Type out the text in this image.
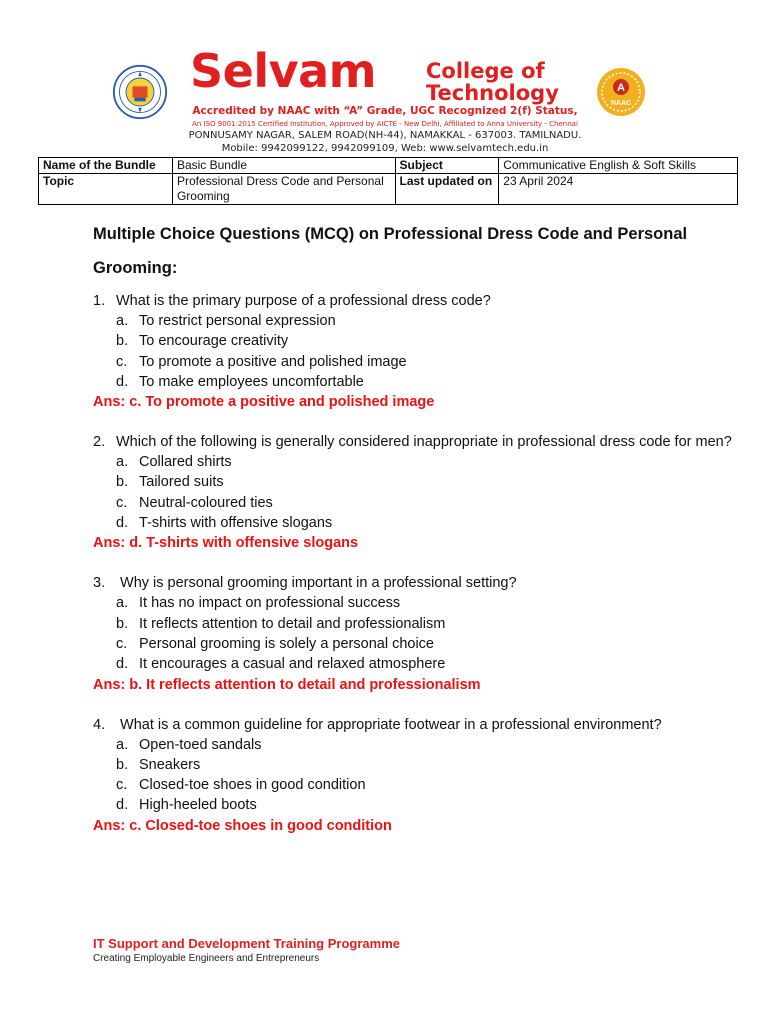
Selvam College of Technology	A
NAAC
Accredited by NAAC with “A” Grade, UGC Recognized 2(f) Status,
An ISO 9001:2015 Certified Institution, Approved by AICTE - New Delhi, Affiliated to Anna University - Chennai
PONNUSAMY NAGAR, SALEM ROAD(NH-44), NAMAKKAL - 637003. TAMILNADU.
Mobile: 9942099122, 9942099109, Web: www.selvamtech.edu.in
Name of the Bundle	Basic Bundle	Subject	Communicative English & Soft Skills
Topic	Professional Dress Code and Personal Grooming	Last updated on	23 April 2024
Multiple Choice Questions (MCQ) on Professional Dress Code and Personal Grooming:
1. What is the primary purpose of a professional dress code?
a. To restrict personal expression
b. To encourage creativity
c. To promote a positive and polished image
d. To make employees uncomfortable
Ans: c. To promote a positive and polished image
2. Which of the following is generally considered inappropriate in professional dress code for men?
a. Collared shirts
b. Tailored suits
c. Neutral-coloured ties
d. T-shirts with offensive slogans
Ans: d. T-shirts with offensive slogans
3. Why is personal grooming important in a professional setting?
a. It has no impact on professional success
b. It reflects attention to detail and professionalism
c. Personal grooming is solely a personal choice
d. It encourages a casual and relaxed atmosphere
Ans: b. It reflects attention to detail and professionalism
4. What is a common guideline for appropriate footwear in a professional environment?
a. Open-toed sandals
b. Sneakers
c. Closed-toe shoes in good condition
d. High-heeled boots
Ans: c. Closed-toe shoes in good condition
IT Support and Development Training Programme
Creating Employable Engineers and Entrepreneurs
